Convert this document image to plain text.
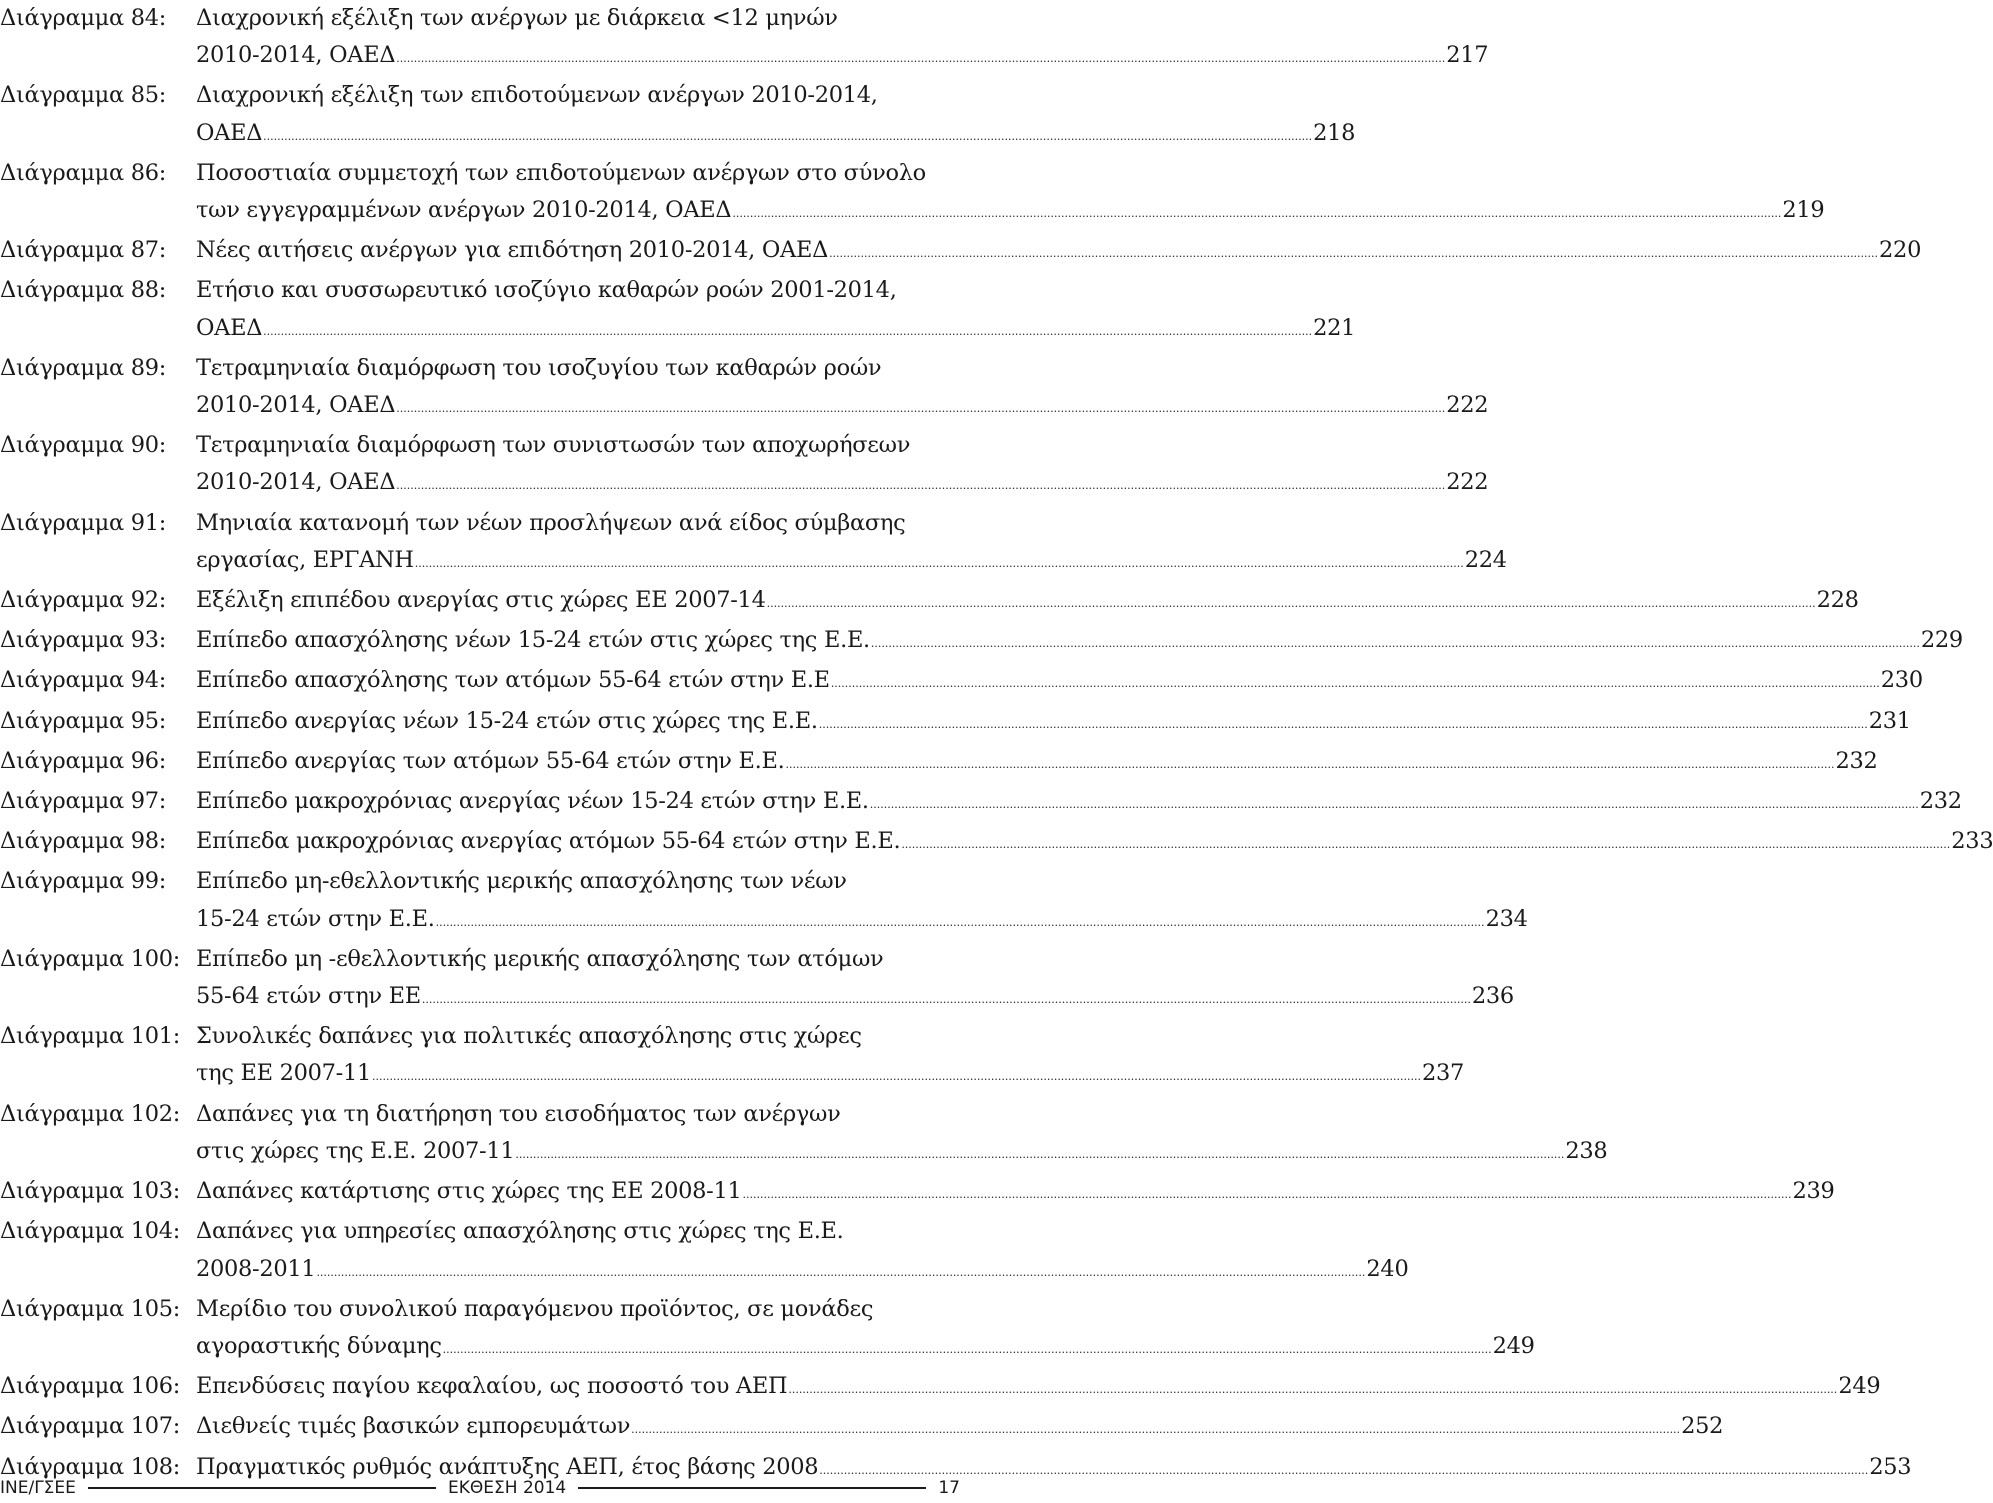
Διάγραμμα 84:	Διαχρονική εξέλιξη των ανέργων με διάρκεια <12 μηνών
2010-2014, ΟΑΕΔ ............................................................................................................................................................................................................................................................................................................ 217
Διάγραμμα 85:	Διαχρονική εξέλιξη των επιδοτούμενων ανέργων 2010-2014,
ΟΑΕΔ ............................................................................................................................................................................................................................................................................................................ 218
Διάγραμμα 86:	Ποσοστιαία συμμετοχή των επιδοτούμενων ανέργων στο σύνολο
των εγγεγραμμένων ανέργων 2010-2014, ΟΑΕΔ ............................................................................................................................................................................................................................................................................................................ 219
Διάγραμμα 87:	Νέες αιτήσεις ανέργων για επιδότηση 2010-2014, ΟΑΕΔ ............................................................................................................................................................................................................................................................................................................ 220
Διάγραμμα 88:	Ετήσιο και συσσωρευτικό ισοζύγιο καθαρών ροών 2001-2014,
ΟΑΕΔ ............................................................................................................................................................................................................................................................................................................ 221
Διάγραμμα 89:	Τετραμηνιαία διαμόρφωση του ισοζυγίου των καθαρών ροών
2010-2014, ΟΑΕΔ ............................................................................................................................................................................................................................................................................................................ 222
Διάγραμμα 90:	Τετραμηνιαία διαμόρφωση των συνιστωσών των αποχωρήσεων
2010-2014, ΟΑΕΔ ............................................................................................................................................................................................................................................................................................................ 222
Διάγραμμα 91:	Μηνιαία κατανομή των νέων προσλήψεων ανά είδος σύμβασης
εργασίας, ΕΡΓΑΝΗ ............................................................................................................................................................................................................................................................................................................ 224
Διάγραμμα 92:	Εξέλιξη επιπέδου ανεργίας στις χώρες ΕΕ 2007-14 ............................................................................................................................................................................................................................................................................................................ 228
Διάγραμμα 93:	Επίπεδο απασχόλησης νέων 15-24 ετών στις χώρες της Ε.Ε. ............................................................................................................................................................................................................................................................................................................ 229
Διάγραμμα 94:	Επίπεδο απασχόλησης των ατόμων 55-64 ετών στην Ε.Ε ............................................................................................................................................................................................................................................................................................................ 230
Διάγραμμα 95:	Επίπεδο ανεργίας νέων 15-24 ετών στις χώρες της Ε.Ε. ............................................................................................................................................................................................................................................................................................................ 231
Διάγραμμα 96:	Επίπεδο ανεργίας των ατόμων 55-64 ετών στην Ε.Ε. ............................................................................................................................................................................................................................................................................................................ 232
Διάγραμμα 97:	Επίπεδο μακροχρόνιας ανεργίας νέων 15-24 ετών στην Ε.Ε. ............................................................................................................................................................................................................................................................................................................ 232
Διάγραμμα 98:	Επίπεδα μακροχρόνιας ανεργίας ατόμων 55-64 ετών στην Ε.Ε. ............................................................................................................................................................................................................................................................................................................ 233
Διάγραμμα 99:	Επίπεδο μη-εθελλοντικής μερικής απασχόλησης των νέων
15-24 ετών στην Ε.Ε. ............................................................................................................................................................................................................................................................................................................ 234
Διάγραμμα 100: Επίπεδο μη -εθελλοντικής μερικής απασχόλησης των ατόμων
55-64 ετών στην ΕΕ ............................................................................................................................................................................................................................................................................................................ 236
Διάγραμμα 101: Συνολικές δαπάνες για πολιτικές απασχόλησης στις χώρες
της ΕΕ 2007-11 ............................................................................................................................................................................................................................................................................................................ 237
Διάγραμμα 102: Δαπάνες για τη διατήρηση του εισοδήματος των ανέργων
στις χώρες της Ε.Ε. 2007-11 ............................................................................................................................................................................................................................................................................................................ 238
Διάγραμμα 103: Δαπάνες κατάρτισης στις χώρες της ΕΕ 2008-11 ............................................................................................................................................................................................................................................................................................................ 239
Διάγραμμα 104: Δαπάνες για υπηρεσίες απασχόλησης στις χώρες της Ε.Ε.
2008-2011 ............................................................................................................................................................................................................................................................................................................ 240
Διάγραμμα 105: Μερίδιο του συνολικού παραγόμενου προϊόντος, σε μονάδες
αγοραστικής δύναμης ............................................................................................................................................................................................................................................................................................................ 249
Διάγραμμα 106: Επενδύσεις παγίου κεφαλαίου, ως ποσοστό του ΑΕΠ ............................................................................................................................................................................................................................................................................................................ 249
Διάγραμμα 107: Διεθνείς τιμές βασικών εμπορευμάτων ............................................................................................................................................................................................................................................................................................................ 252
Διάγραμμα 108: Πραγματικός ρυθμός ανάπτυξης ΑΕΠ, έτος βάσης 2008 ............................................................................................................................................................................................................................................................................................................ 253
ΙΝΕ/ΓΣΕΕ	ΕΚΘΕΣΗ 2014	17
